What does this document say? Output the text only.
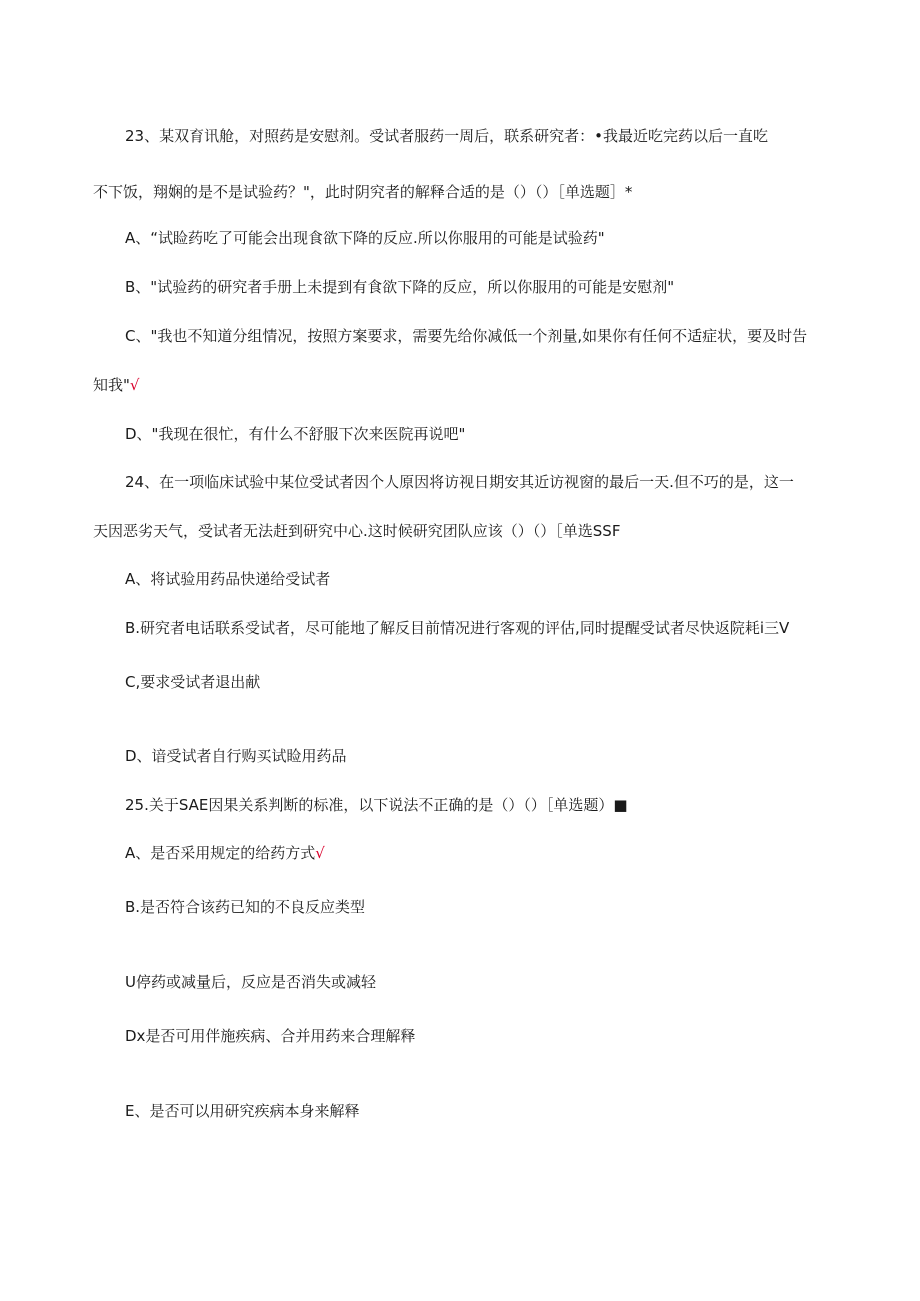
23、某双育讯舱，对照药是安慰剂。受试者服药一周后，联系研究者：•我最近吃完药以后一直吃
不下饭，翔娴的是不是试验药？"，此时阴究者的解释合适的是（）（）［单选题］*
A、“试睑药吃了可能会出现食欲下降的反应.所以你服用的可能是试验药"
B、"试验药的研究者手册上未提到有食欲下降的反应，所以你服用的可能是安慰剂"
C、"我也不知道分组情况，按照方案要求，需要先给你减低一个剂量,如果你有任何不适症状，要及时告
知我"√
D、"我现在很忙，有什么不舒服下次来医院再说吧"
24、在一项临床试验中某位受试者因个人原因将访视日期安其近访视窗的最后一天.但不巧的是，这一
天因恶劣天气，受试者无法赶到研究中心.这时候研究团队应该（）（）［单选SSF
A、将试验用药品快递给受试者
B.研究者电话联系受试者，尽可能地了解反目前情况进行客观的评估,同时提醒受试者尽快返院耗i三V
C,要求受试者退出献
D、谙受试者自行购买试睑用药品
25.关于SAE因果关系判断的标准，以下说法不正确的是（）（）［单选题）■
A、是否采用规定的给药方式√
B.是否符合该药已知的不良反应类型
U停药或减量后，反应是否消失或减轻
Dx是否可用伴施疾病、合并用药来合理解释
E、是否可以用研究疾病本身来解释
